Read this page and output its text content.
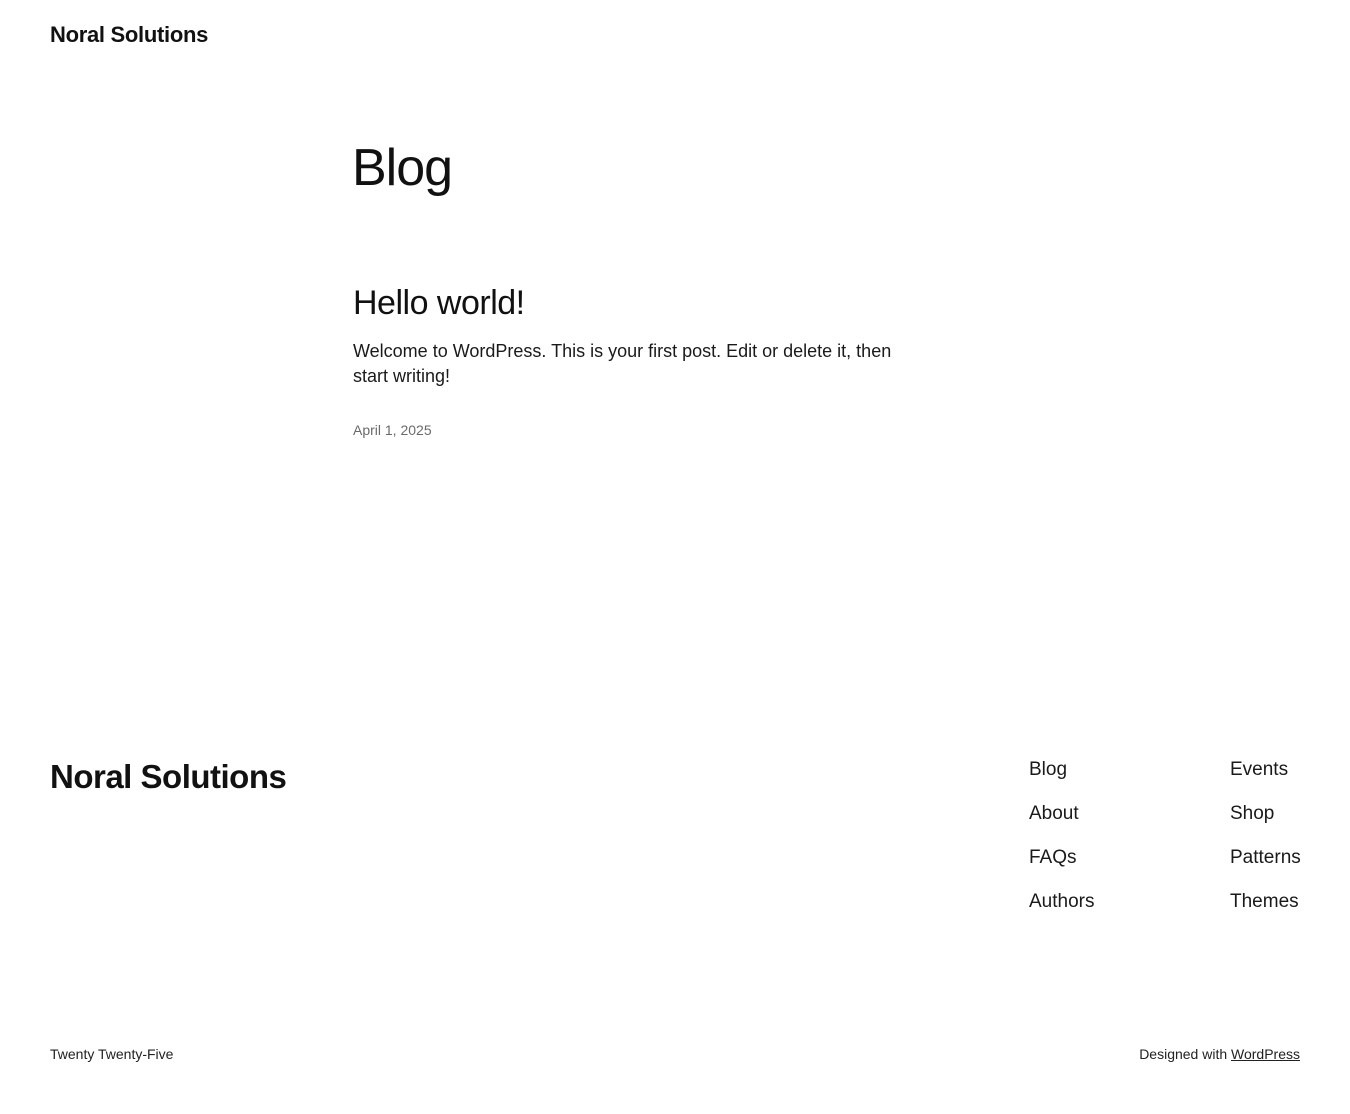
Noral Solutions
Blog
Hello world!

Welcome to WordPress. This is your first post. Edit or delete it, then start writing!

April 1, 2025
Noral Solutions	Blog
About
FAQs
Authors
Events
Shop
Patterns
Themes
Twenty Twenty-Five	Designed with WordPress
